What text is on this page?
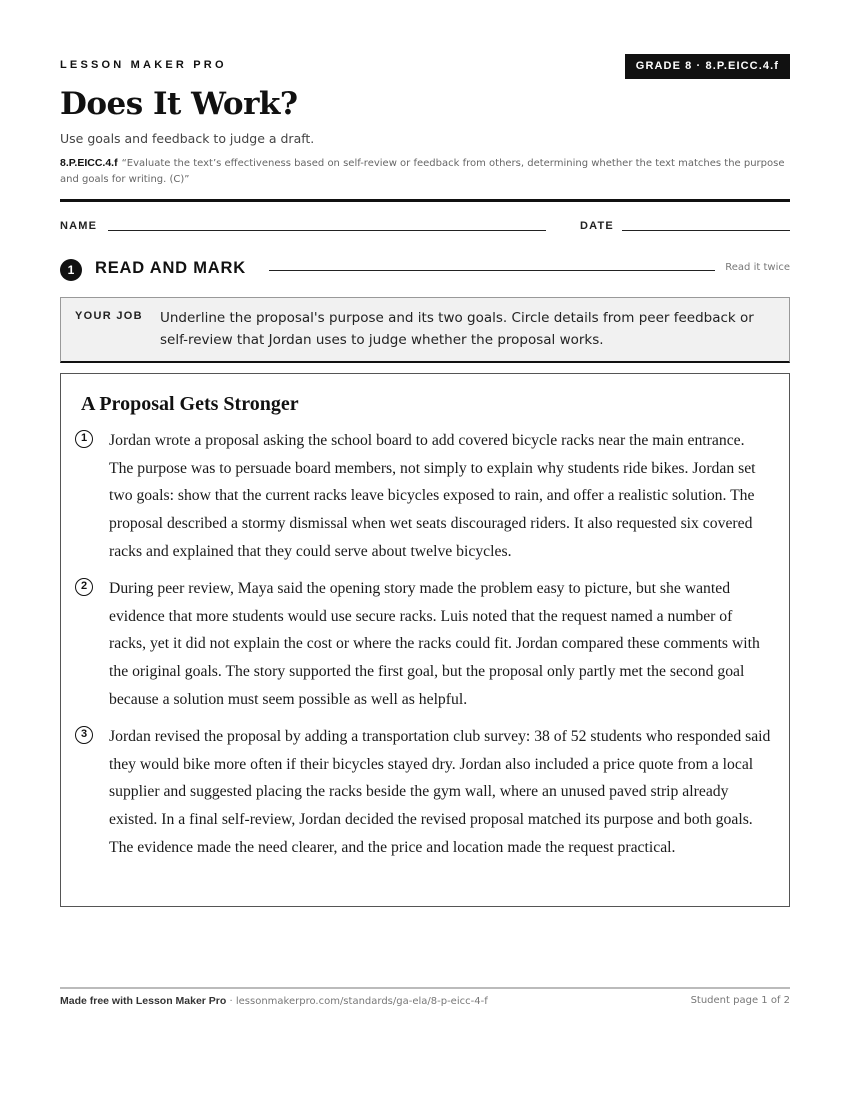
LESSON MAKER PRO	GRADE 8 · 8.P.EICC.4.f
Does It Work?
Use goals and feedback to judge a draft.
8.P.EICC.4.f “Evaluate the text’s effectiveness based on self-review or feedback from others, determining whether the text matches the purpose and goals for writing. (C)”
NAME	DATE
1	READ AND MARK	Read it twice
YOUR JOB Underline the proposal's purpose and its two goals. Circle details from peer feedback or self-review that Jordan uses to judge whether the proposal works.
A Proposal Gets Stronger
1	Jordan wrote a proposal asking the school board to add covered bicycle racks near the main entrance. The purpose was to persuade board members, not simply to explain why students ride bikes. Jordan set two goals: show that the current racks leave bicycles exposed to rain, and offer a realistic solution. The proposal described a stormy dismissal when wet seats discouraged riders. It also requested six covered racks and explained that they could serve about twelve bicycles.

2	During peer review, Maya said the opening story made the problem easy to picture, but she wanted evidence that more students would use secure racks. Luis noted that the request named a number of racks, yet it did not explain the cost or where the racks could fit. Jordan compared these comments with the original goals. The story supported the first goal, but the proposal only partly met the second goal because a solution must seem possible as well as helpful.

3	Jordan revised the proposal by adding a transportation club survey: 38 of 52 students who responded said they would bike more often if their bicycles stayed dry. Jordan also included a price quote from a local supplier and suggested placing the racks beside the gym wall, where an unused paved strip already existed. In a final self-review, Jordan decided the revised proposal matched its purpose and both goals. The evidence made the need clearer, and the price and location made the request practical.

Made free with Lesson Maker Pro · lessonmakerpro.com/standards/ga-ela/8-p-eicc-4-f	Student page 1 of 2
